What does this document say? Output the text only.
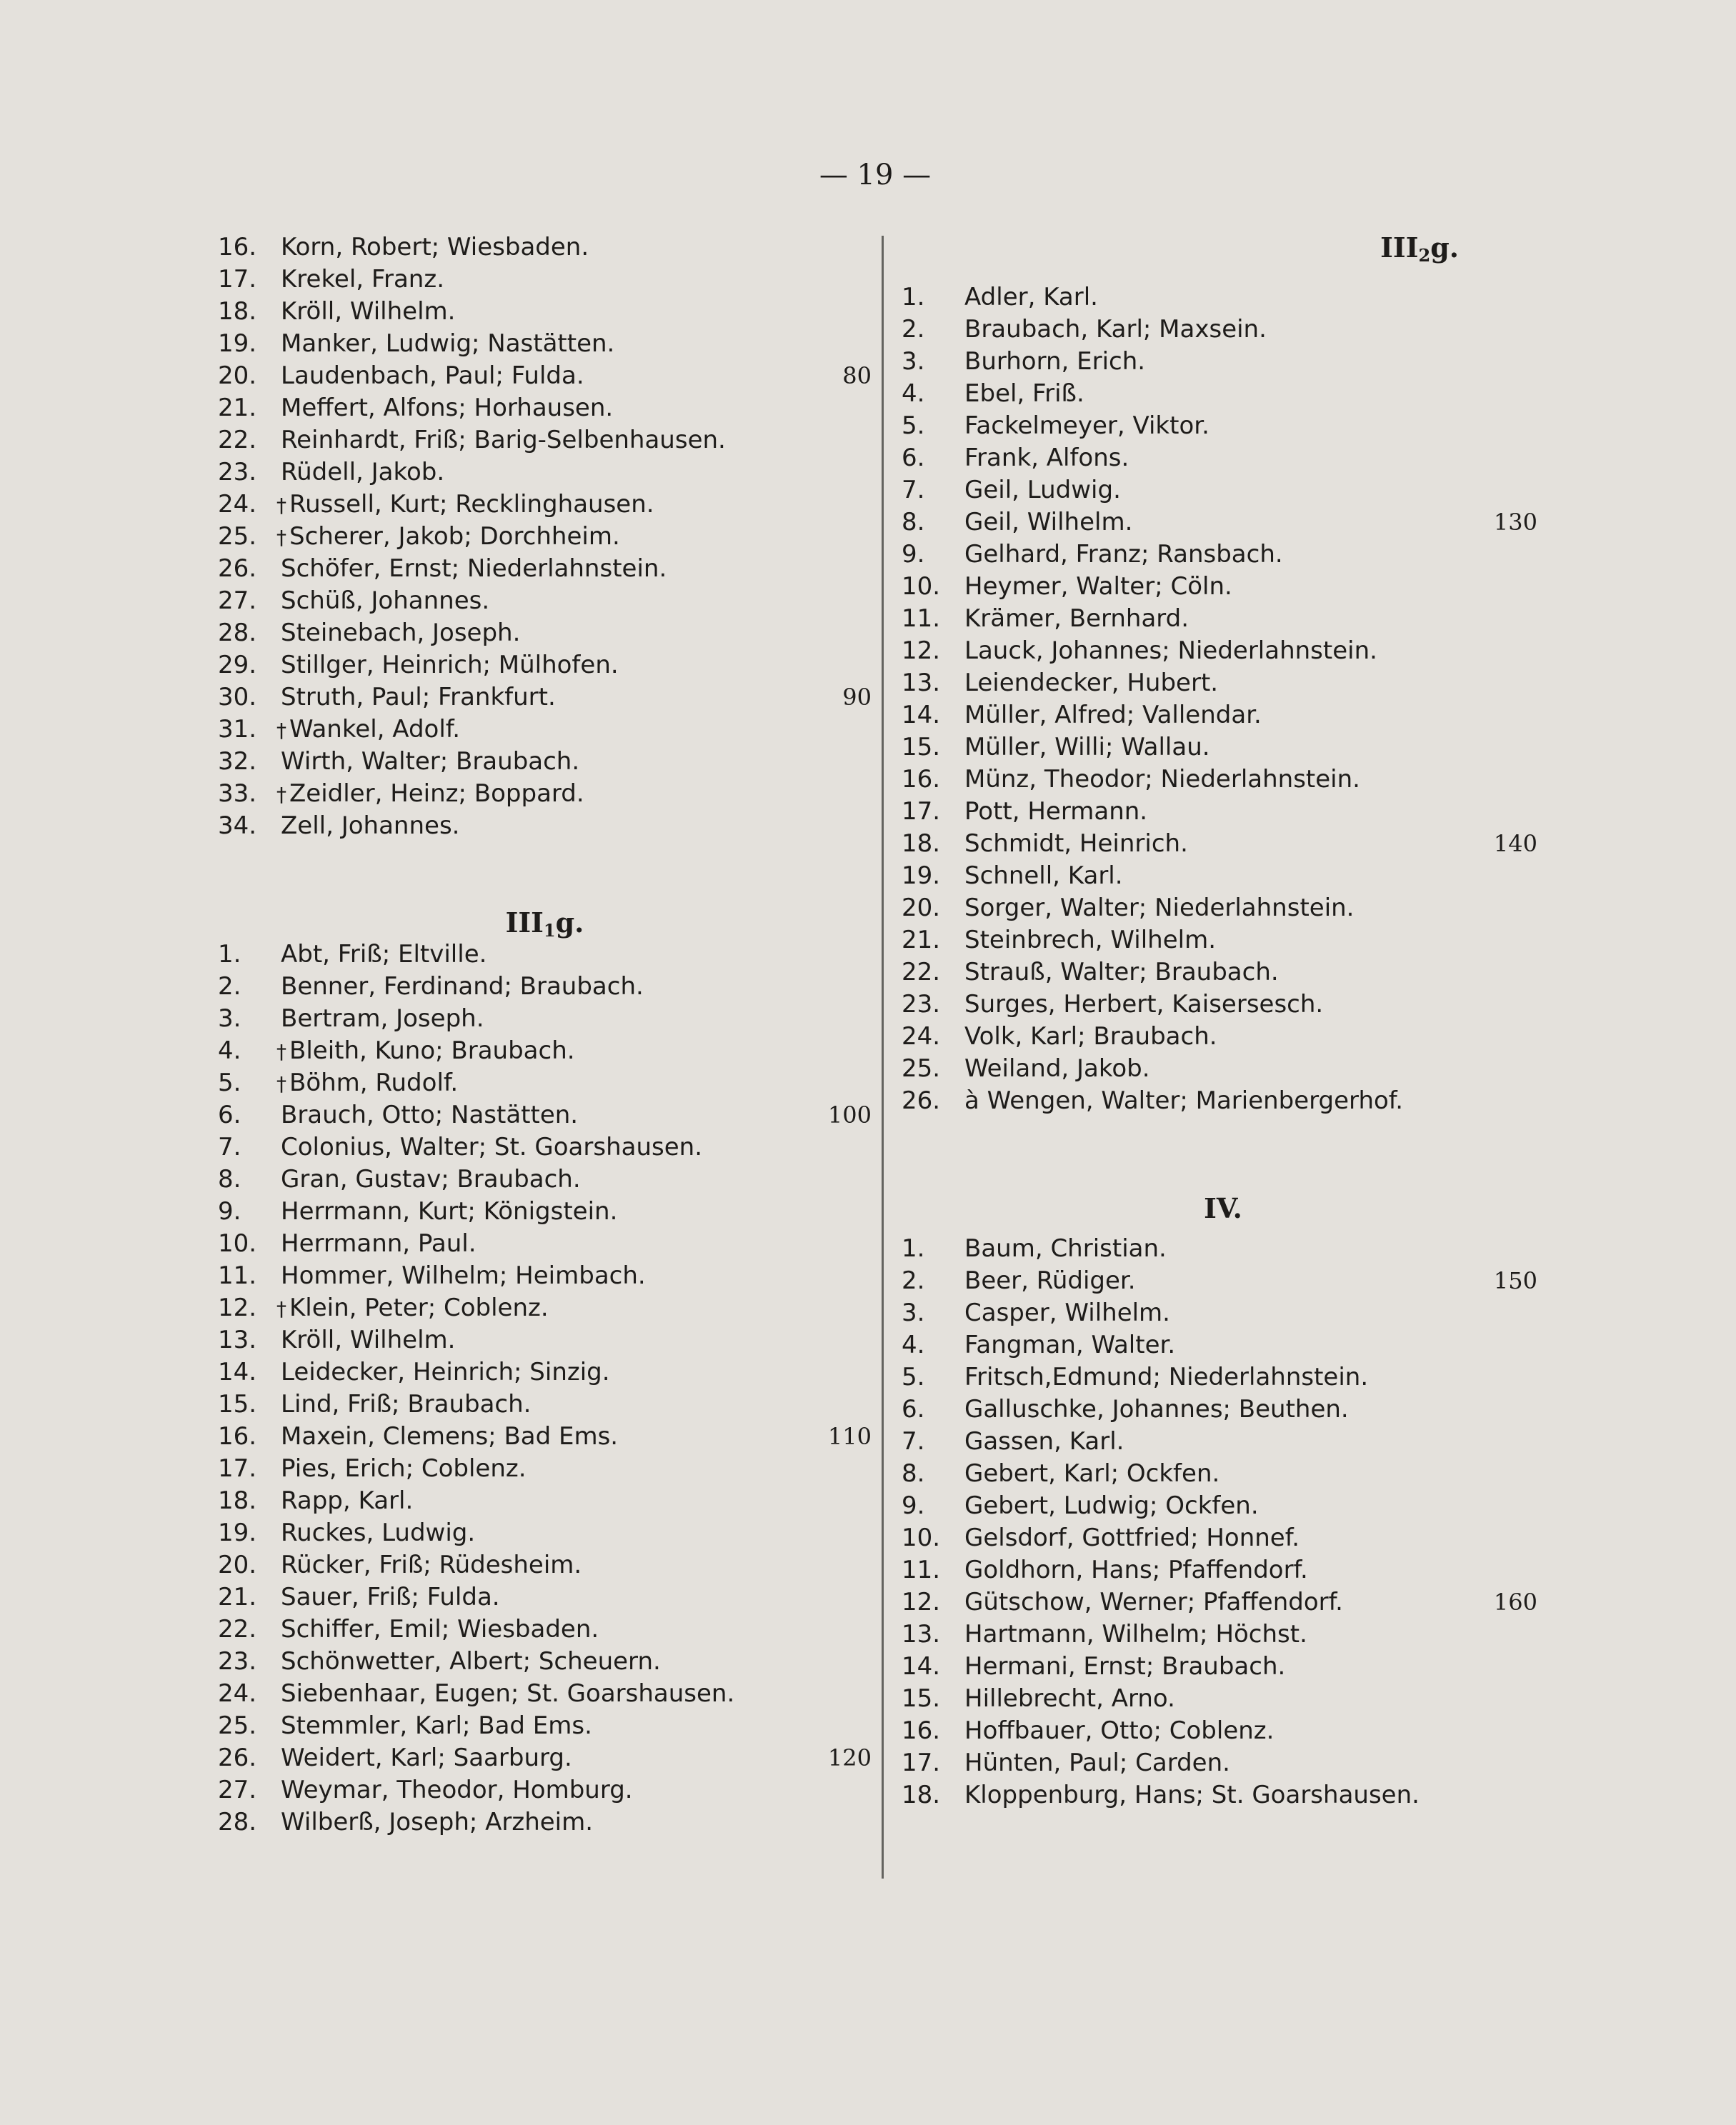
— 19 —
16. Korn, Robert; Wiesbaden.
17. Krekel, Franz.
18. Kröll, Wilhelm.
19. Manker, Ludwig; Nastätten.
20. Laudenbach, Paul; Fulda.	80
21. Meffert, Alfons; Horhausen.
22. Reinhardt, Friß; Barig-Selbenhausen.
23. Rüdell, Jakob.
24. † Russell, Kurt; Recklinghausen.
25. † Scherer, Jakob; Dorchheim.
26. Schöfer, Ernst; Niederlahnstein.
27. Schüß, Johannes.
28. Steinebach, Joseph.
29. Stillger, Heinrich; Mülhofen.
30. Struth, Paul; Frankfurt.	90
31. † Wankel, Adolf.
32. Wirth, Walter; Braubach.
33. † Zeidler, Heinz; Boppard.
34. Zell, Johannes.
$III_1g$.
1. Abt, Friß; Eltville.
2. Benner, Ferdinand; Braubach.
3. Bertram, Joseph.
4. † Bleith, Kuno; Braubach.
5. † Böhm, Rudolf.
6. Brauch, Otto; Nastätten.	100
7. Colonius, Walter; St. Goarshausen.
8. Gran, Gustav; Braubach.
9. Herrmann, Kurt; Königstein.
10. Herrmann, Paul.
11. Hommer, Wilhelm; Heimbach.
12. † Klein, Peter; Coblenz.
13. Kröll, Wilhelm.
14. Leidecker, Heinrich; Sinzig.
15. Lind, Friß; Braubach.
16. Maxein, Clemens; Bad Ems.	110
17. Pies, Erich; Coblenz.
18. Rapp, Karl.
19. Ruckes, Ludwig.
20. Rücker, Friß; Rüdesheim.
21. Sauer, Friß; Fulda.
22. Schiffer, Emil; Wiesbaden.
23. Schönwetter, Albert; Scheuern.
24. Siebenhaar, Eugen; St. Goarshausen.
25. Stemmler, Karl; Bad Ems.
26. Weidert, Karl; Saarburg.	120
27. Weymar, Theodor, Homburg.
28. Wilberß, Joseph; Arzheim.
$III_2g$.
1. Adler, Karl.
2. Braubach, Karl; Maxsein.
3. Burhorn, Erich.
4. Ebel, Friß.
5. Fackelmeyer, Viktor.
6. Frank, Alfons.
7. Geil, Ludwig.
8. Geil, Wilhelm.	130
9. Gelhard, Franz; Ransbach.
10. Heymer, Walter; Cöln.
11. Krämer, Bernhard.
12. Lauck, Johannes; Niederlahnstein.
13. Leiendecker, Hubert.
14. Müller, Alfred; Vallendar.
15. Müller, Willi; Wallau.
16. Münz, Theodor; Niederlahnstein.
17. Pott, Hermann.
18. Schmidt, Heinrich.	140
19. Schnell, Karl.
20. Sorger, Walter; Niederlahnstein.
21. Steinbrech, Wilhelm.
22. Strauß, Walter; Braubach.
23. Surges, Herbert, Kaisersesch.
24. Volk, Karl; Braubach.
25. Weiland, Jakob.
26. à Wengen, Walter; Marienbergerhof.
IV.
1. Baum, Christian.
2. Beer, Rüdiger.	150
3. Casper, Wilhelm.
4. Fangman, Walter.
5. Fritsch,Edmund; Niederlahnstein.
6. Galluschke, Johannes; Beuthen.
7. Gassen, Karl.
8. Gebert, Karl; Ockfen.
9. Gebert, Ludwig; Ockfen.
10. Gelsdorf, Gottfried; Honnef.
11. Goldhorn, Hans; Pfaffendorf.
12. Gütschow, Werner; Pfaffendorf.	160
13. Hartmann, Wilhelm; Höchst.
14. Hermani, Ernst; Braubach.
15. Hillebrecht, Arno.
16. Hoffbauer, Otto; Coblenz.
17. Hünten, Paul; Carden.
18. Kloppenburg, Hans; St. Goarshausen.
